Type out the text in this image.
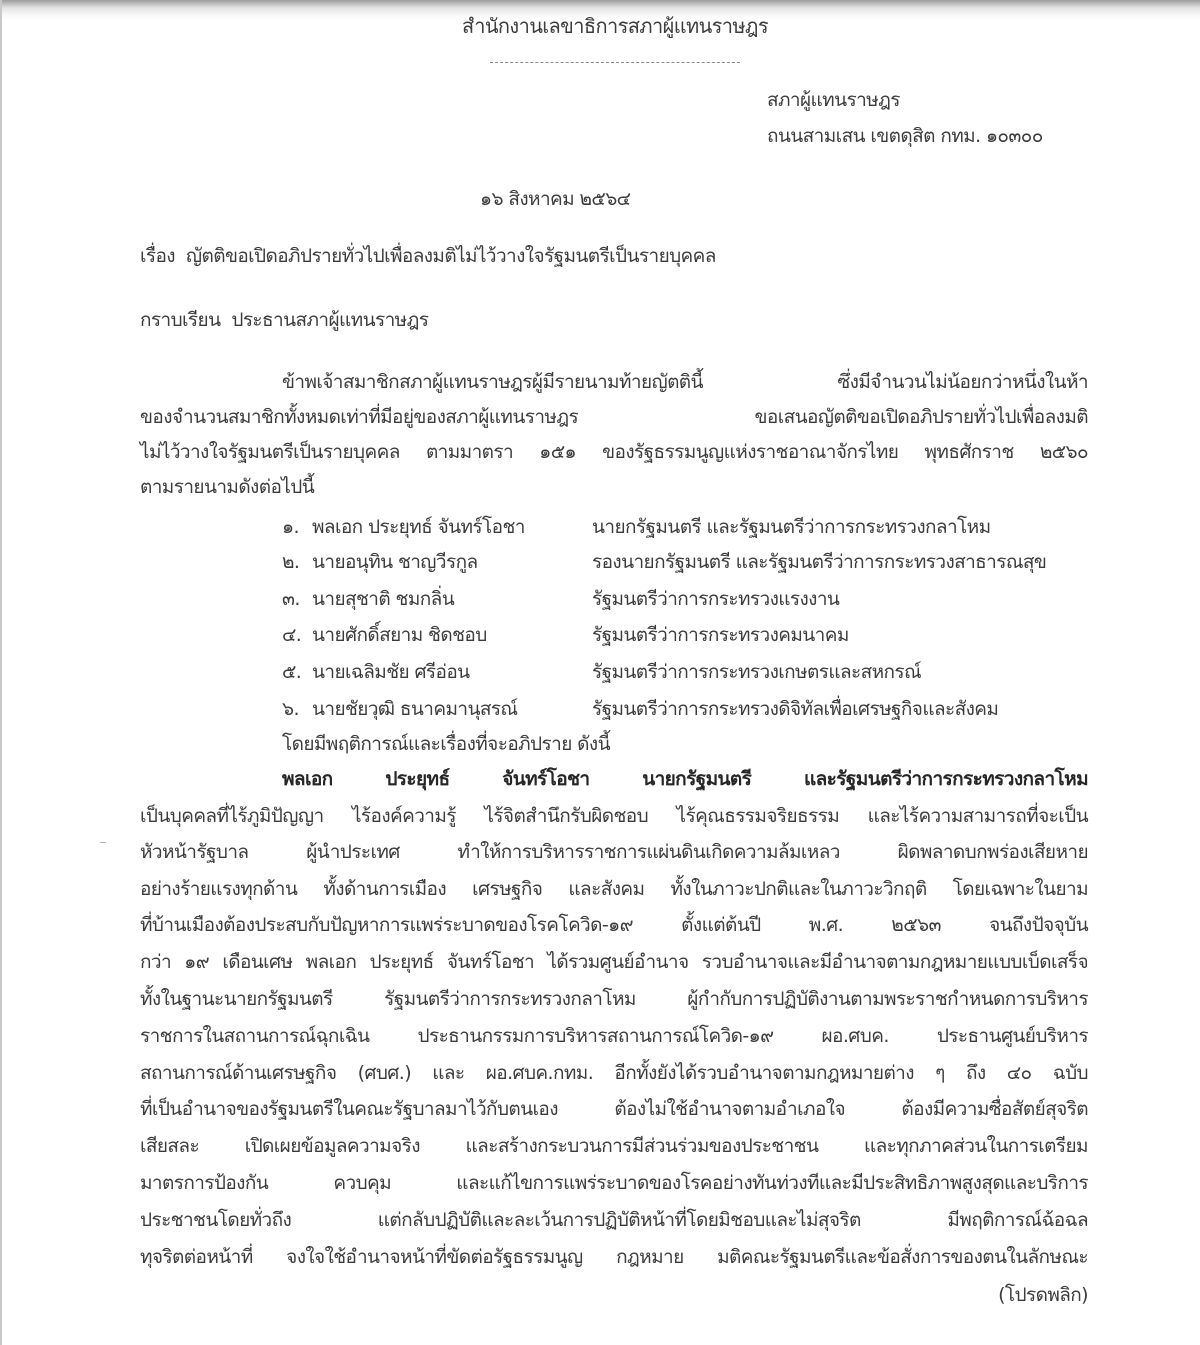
สำนักงานเลขาธิการสภาผู้แทนราษฎร
สภาผู้แทนราษฎร
ถนนสามเสน เขตดุสิต กทม. ๑๐๓๐๐
๑๖ สิงหาคม ๒๕๖๔
เรื่อง ญัตติขอเปิดอภิปรายทั่วไปเพื่อลงมติไม่ไว้วางใจรัฐมนตรีเป็นรายบุคคล
กราบเรียน ประธานสภาผู้แทนราษฎร
ข้าพเจ้าสมาชิกสภาผู้แทนราษฎรผู้มีรายนามท้ายญัตตินี้ ซึ่งมีจำนวนไม่น้อยกว่าหนึ่งในห้า
ของจำนวนสมาชิกทั้งหมดเท่าที่มีอยู่ของสภาผู้แทนราษฎร ขอเสนอญัตติขอเปิดอภิปรายทั่วไปเพื่อลงมติ
ไม่ไว้วางใจรัฐมนตรีเป็นรายบุคคล ตามมาตรา ๑๕๑ ของรัฐธรรมนูญแห่งราชอาณาจักรไทย พุทธศักราช ๒๕๖๐
ตามรายนามดังต่อไปนี้
๑. พลเอก ประยุทธ์ จันทร์โอชา	นายกรัฐมนตรี และรัฐมนตรีว่าการกระทรวงกลาโหม
๒. นายอนุทิน ชาญวีรกูล	รองนายกรัฐมนตรี และรัฐมนตรีว่าการกระทรวงสาธารณสุข
๓. นายสุชาติ ชมกลิ่น	รัฐมนตรีว่าการกระทรวงแรงงาน
๔. นายศักดิ์สยาม ชิดชอบ	รัฐมนตรีว่าการกระทรวงคมนาคม
๕. นายเฉลิมชัย ศรีอ่อน	รัฐมนตรีว่าการกระทรวงเกษตรและสหกรณ์
๖. นายชัยวุฒิ ธนาคมานุสรณ์	รัฐมนตรีว่าการกระทรวงดิจิทัลเพื่อเศรษฐกิจและสังคม
โดยมีพฤติการณ์และเรื่องที่จะอภิปราย ดังนี้
พลเอก ประยุทธ์ จันทร์โอชา นายกรัฐมนตรี และรัฐมนตรีว่าการกระทรวงกลาโหม
เป็นบุคคลที่ไร้ภูมิปัญญา ไร้องค์ความรู้ ไร้จิตสำนึกรับผิดชอบ ไร้คุณธรรมจริยธรรม และไร้ความสามารถที่จะเป็น
หัวหน้ารัฐบาล ผู้นำประเทศ ทำให้การบริหารราชการแผ่นดินเกิดความล้มเหลว ผิดพลาดบกพร่องเสียหาย
อย่างร้ายแรงทุกด้าน ทั้งด้านการเมือง เศรษฐกิจ และสังคม ทั้งในภาวะปกติและในภาวะวิกฤติ โดยเฉพาะในยาม
ที่บ้านเมืองต้องประสบกับปัญหาการแพร่ระบาดของโรคโควิด-๑๙ ตั้งแต่ต้นปี พ.ศ. ๒๕๖๓ จนถึงปัจจุบัน
กว่า ๑๙ เดือนเศษ พลเอก ประยุทธ์ จันทร์โอชา ได้รวมศูนย์อำนาจ รวบอำนาจและมีอำนาจตามกฎหมายแบบเบ็ดเสร็จ
ทั้งในฐานะนายกรัฐมนตรี รัฐมนตรีว่าการกระทรวงกลาโหม ผู้กำกับการปฏิบัติงานตามพระราชกำหนดการบริหาร
ราชการในสถานการณ์ฉุกเฉิน ประธานกรรมการบริหารสถานการณ์โควิด-๑๙ ผอ.ศบค. ประธานศูนย์บริหาร
สถานการณ์ด้านเศรษฐกิจ (ศบศ.) และ ผอ.ศบค.กทม. อีกทั้งยังได้รวบอำนาจตามกฎหมายต่าง ๆ ถึง ๔๐ ฉบับ
ที่เป็นอำนาจของรัฐมนตรีในคณะรัฐบาลมาไว้กับตนเอง ต้องไม่ใช้อำนาจตามอำเภอใจ ต้องมีความซื่อสัตย์สุจริต
เสียสละ เปิดเผยข้อมูลความจริง และสร้างกระบวนการมีส่วนร่วมของประชาชน และทุกภาคส่วนในการเตรียม
มาตรการป้องกัน ควบคุม และแก้ไขการแพร่ระบาดของโรคอย่างทันท่วงทีและมีประสิทธิภาพสูงสุดและบริการ
ประชาชนโดยทั่วถึง แต่กลับปฏิบัติและละเว้นการปฏิบัติหน้าที่โดยมิชอบและไม่สุจริต มีพฤติการณ์ฉ้อฉล
ทุจริตต่อหน้าที่ จงใจใช้อำนาจหน้าที่ขัดต่อรัฐธรรมนูญ กฎหมาย มติคณะรัฐมนตรีและข้อสั่งการของตนในลักษณะ
(โปรดพลิก)
